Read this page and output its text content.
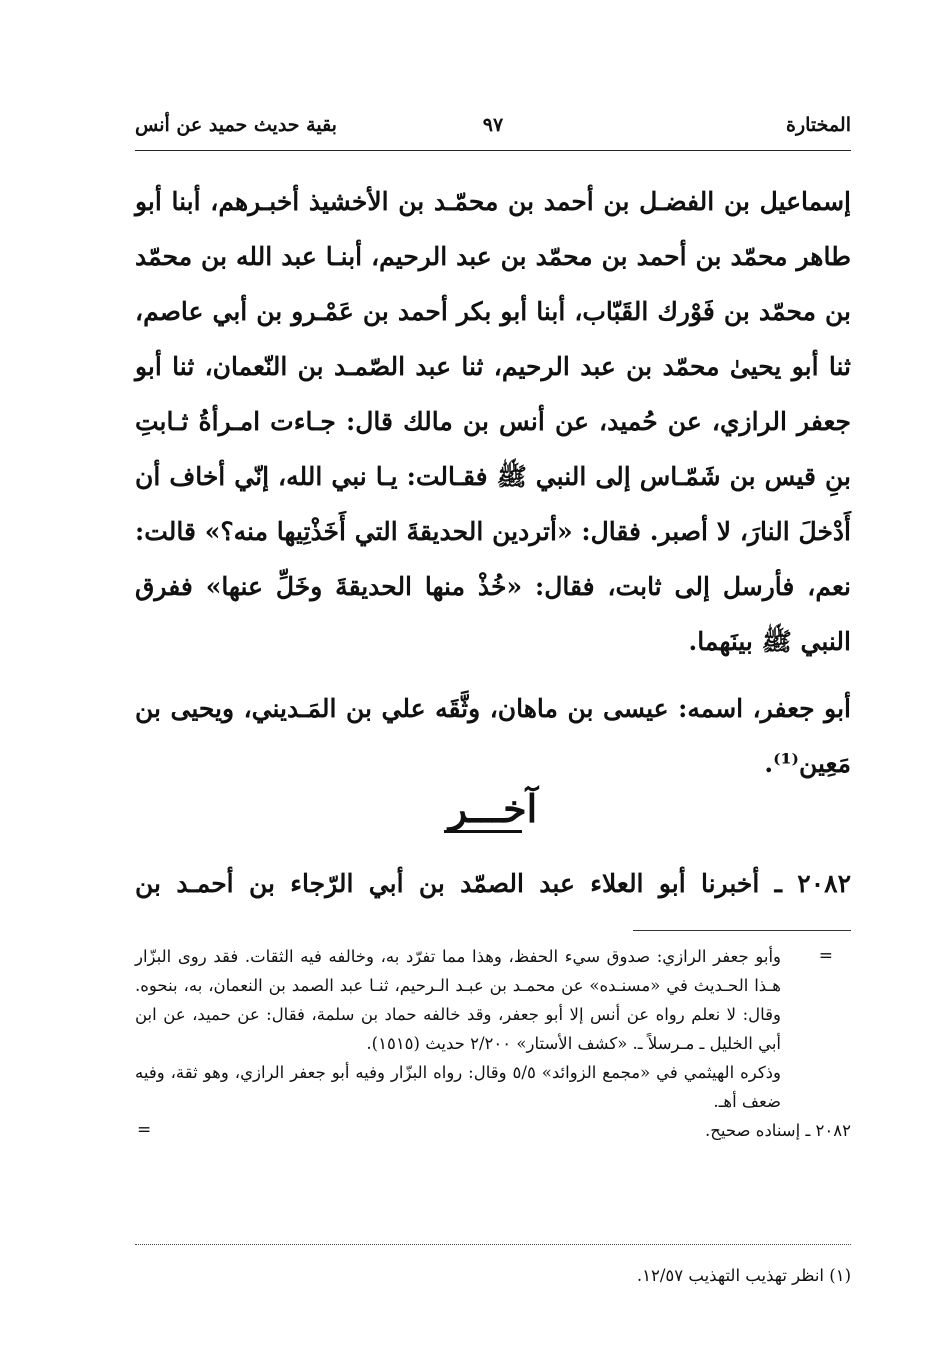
المختارة
٩٧
بقية حديث حميد عن أنس

إسماعيل بن الفضـل بن أحمد بن محمّـد بن الأخشيذ أخبـرهم، أبنا أبو طاهر محمّد بن أحمد بن محمّد بن عبد الرحيم، أبنـا عبد الله بن محمّد بن محمّد بن فَوْرك القَبّاب، أبنا أبو بكر أحمد بن عَمْـرو بن أبي عاصم، ثنا أبو يحيىٰ محمّد بن عبد الرحيم، ثنا عبد الصّمـد بن النّعمان، ثنا أبو جعفر الرازي، عن حُميد، عن أنس بن مالك قال: جـاءت امـرأةُ ثـابتِ بنِ قيس بن شَمّـاس إلى النبي ﷺ فقـالت: يـا نبي الله، إنّي أخاف أن أَدْخلَ النارَ، لا أصبر. فقال: «أتردين الحديقةَ التي أَخَذْتِيها منه؟» قالت: نعم، فأرسل إلى ثابت، فقال: «خُذْ منها الحديقةَ وخَلِّ عنها» ففرق النبي ﷺ بينَهما.

أبو جعفر، اسمه: عيسى بن ماهان، وثَّقَه علي بن المَـديني، ويحيى بن مَعِين⁽¹⁾.

آخـــر
٢٠٨٢ ـ أخبرنا أبو العلاء عبد الصمّد بن أبي الرّجاء بن أحمـد بن
=
وأبو جعفر الرازي: صدوق سيء الحفظ، وهذا مما تفرّد به، وخالفه فيه الثقات. فقد روى البزّار هـذا الحـديث في «مسنـده» عن محمـد بن عبـد الـرحيم، ثنـا عبد الصمد بن النعمان، به، بنحوه. وقال: لا نعلم رواه عن أنس إلا أبو جعفر، وقد خالفه حماد بن سلمة، فقال: عن حميد، عن ابن أبي الخليل ـ مـرسلاً ـ. «كشف الأستار» ٢/٢٠٠ حديث (١٥١٥).
وذكره الهيثمي في «مجمع الزوائد» ٥/٥ وقال: رواه البزّار وفيه أبو جعفر الرازي، وهو ثقة، وفيه ضعف أهـ.
٢٠٨٢ ـ إسناده صحيح.
=
(١) انظر تهذيب التهذيب ١٢/٥٧.
